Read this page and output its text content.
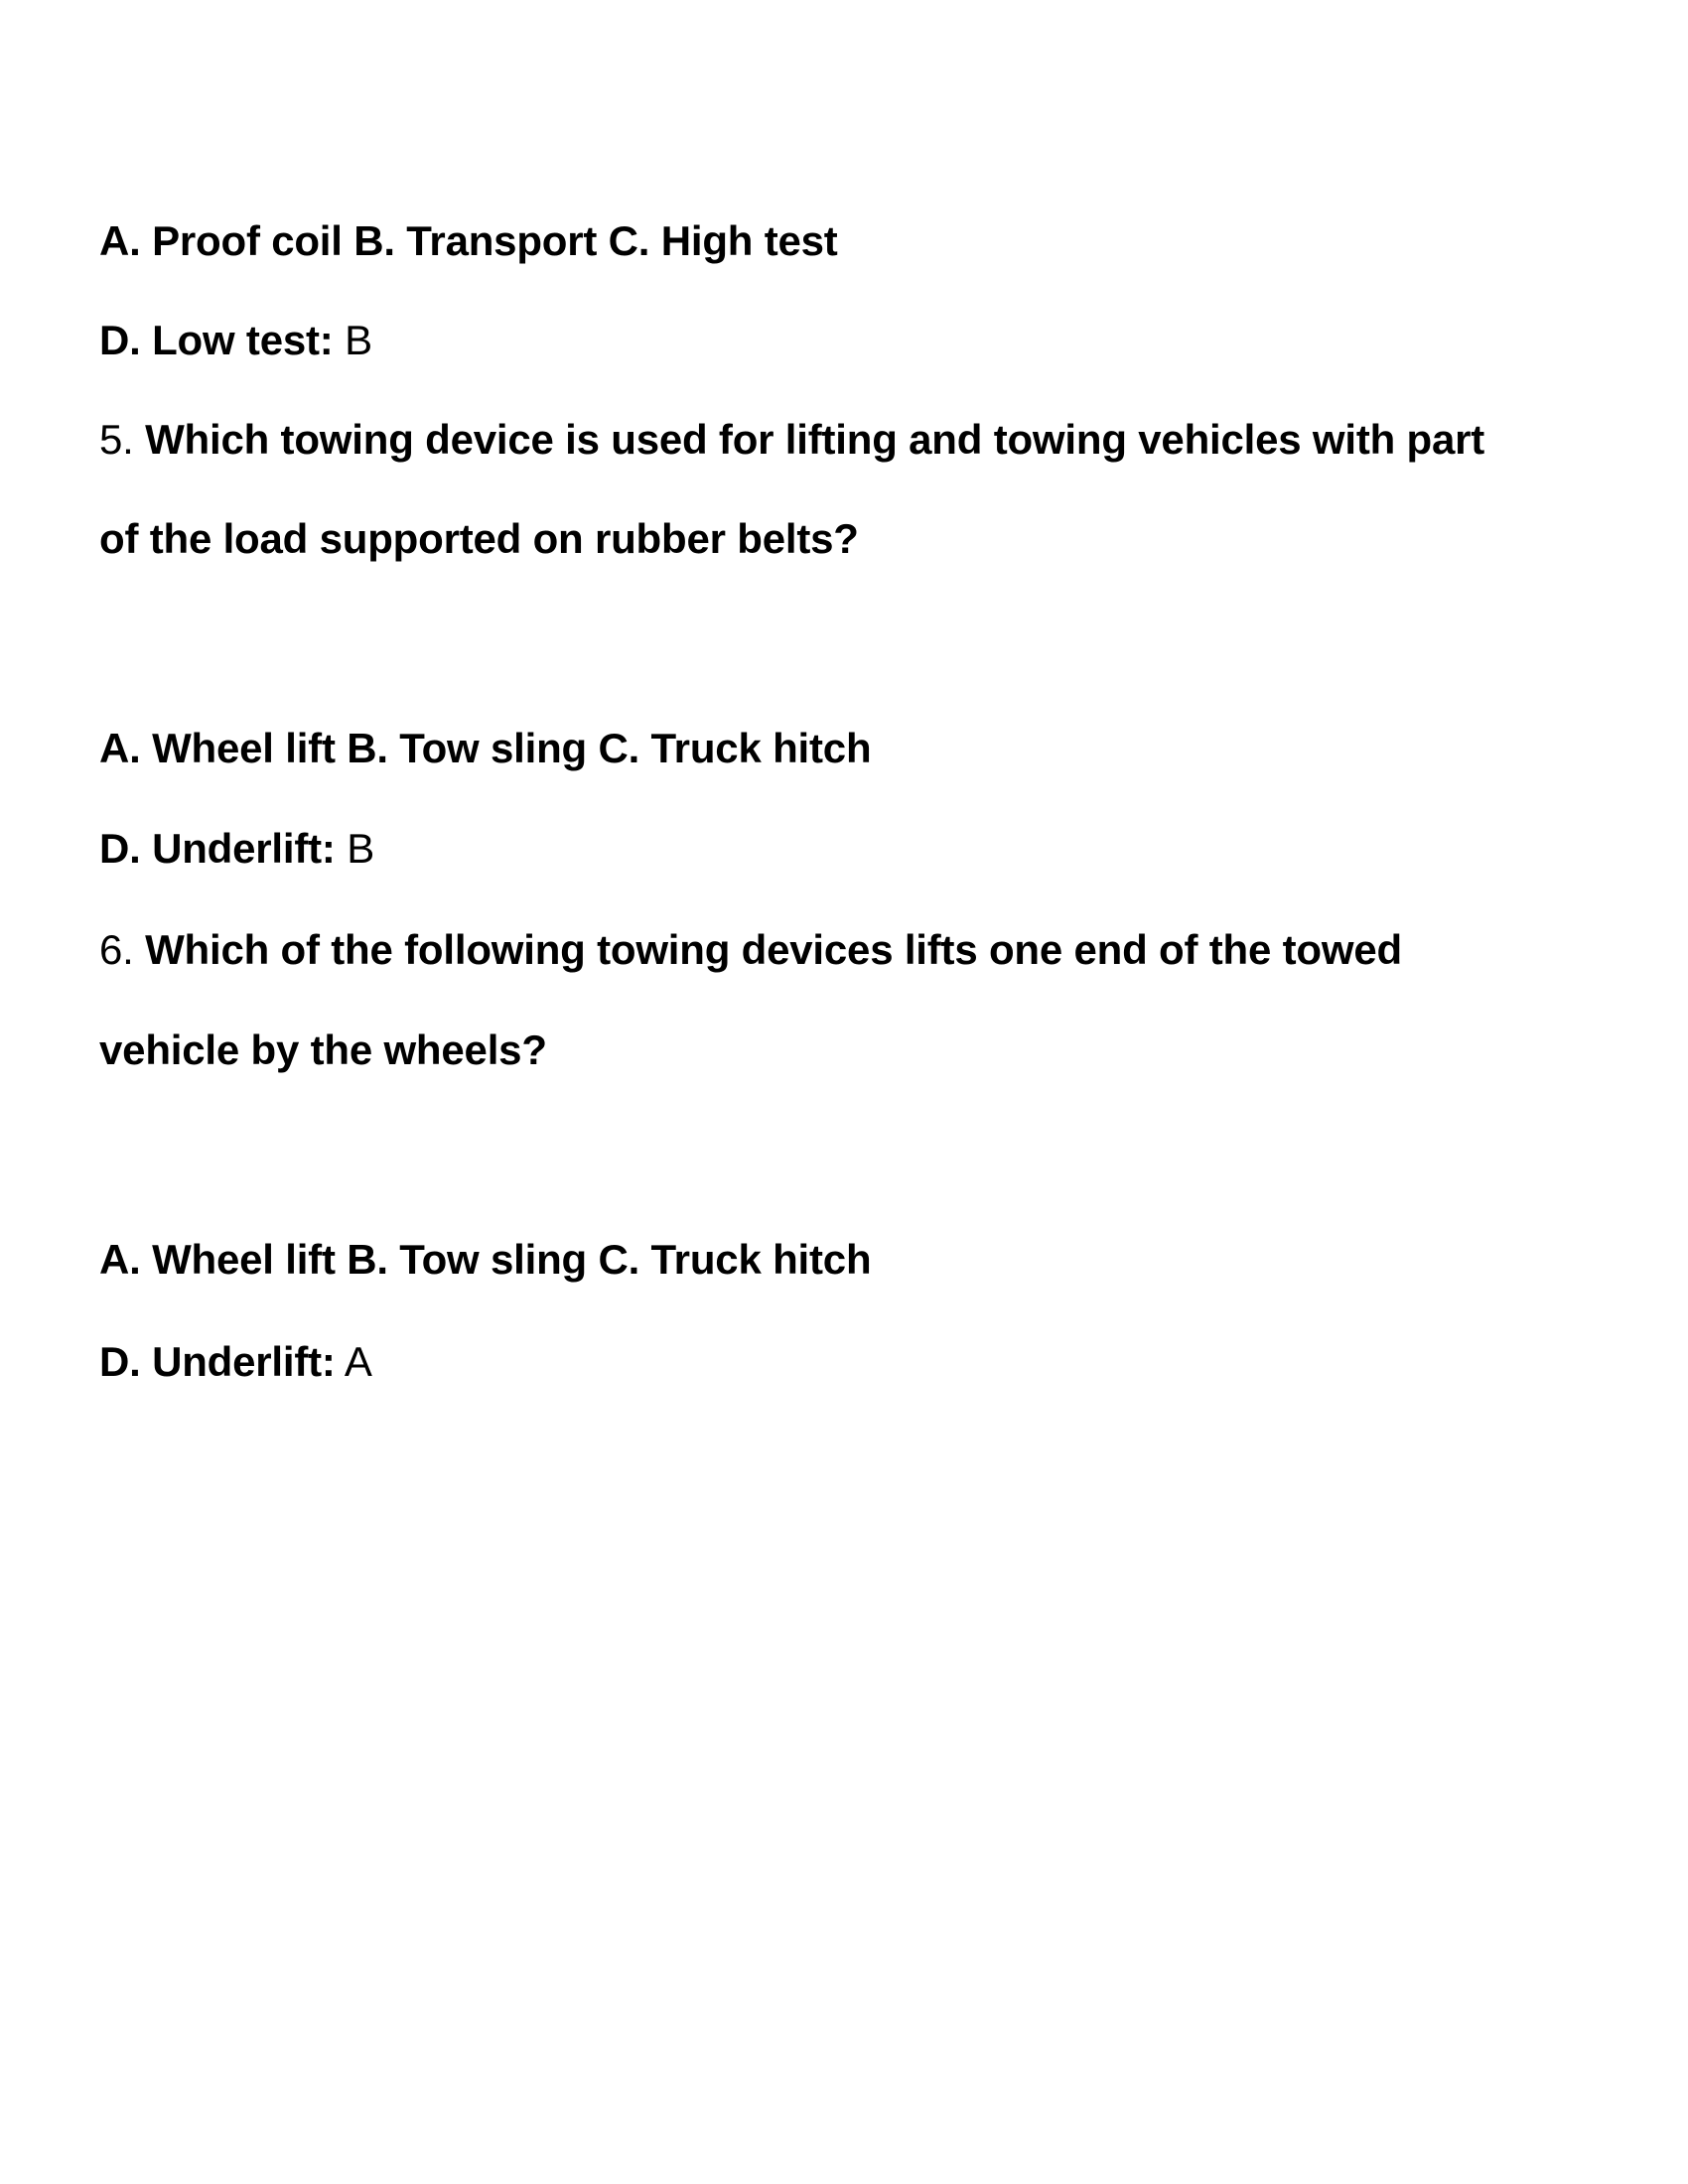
A. Proof coil B. Transport C. High test
D. Low test: B
5. Which towing device is used for lifting and towing vehicles with part
of the load supported on rubber belts?
A. Wheel lift B. Tow sling C. Truck hitch
D. Underlift: B
6. Which of the following towing devices lifts one end of the towed
vehicle by the wheels?
A. Wheel lift B. Tow sling C. Truck hitch
D. Underlift: A
